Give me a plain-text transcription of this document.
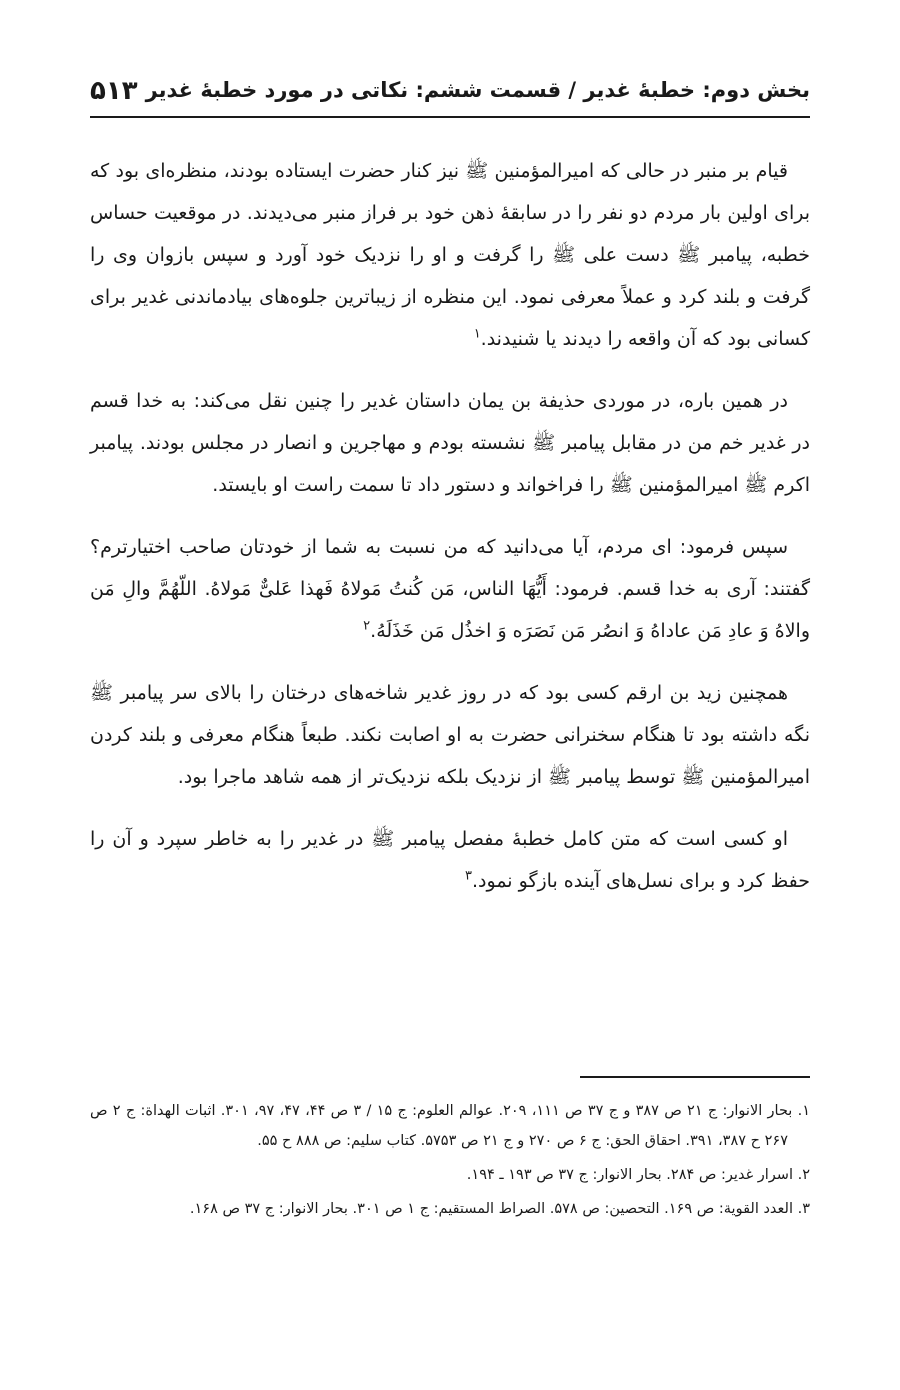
بخش دوم: خطبهٔ غدیر / قسمت ششم: نکاتی در مورد خطبهٔ غدیر
۵۱۳

قیام بر منبر در حالی که امیرالمؤمنین ﷺ نیز کنار حضرت ایستاده بودند، منظره‌ای بود که برای اولین بار مردم دو نفر را در سابقهٔ ذهن خود بر فراز منبر می‌دیدند. در موقعیت حساس خطبه، پیامبر ﷺ دست علی ﷺ را گرفت و او را نزدیک خود آورد و سپس بازوان وی را گرفت و بلند کرد و عملاً معرفی نمود. این منظره از زیباترین جلوه‌های بیادماندنی غدیر برای کسانی بود که آن واقعه را دیدند یا شنیدند.$^۱$

در همین باره، در موردی حذیفة بن یمان داستان غدیر را چنین نقل می‌کند: به خدا قسم در غدیر خم من در مقابل پیامبر ﷺ نشسته بودم و مهاجرین و انصار در مجلس بودند. پیامبر اکرم ﷺ امیرالمؤمنین ﷺ را فراخواند و دستور داد تا سمت راست او بایستد.

سپس فرمود: ای مردم، آیا می‌دانید که من نسبت به شما از خودتان صاحب اختیارترم؟ گفتند: آری به خدا قسم. فرمود: أَیُّهَا الناس، مَن کُنتُ مَولاهُ فَهذا عَلیٌّ مَولاهُ. اللّهُمَّ والِ مَن والاهُ وَ عادِ مَن عاداهُ وَ انصُر مَن نَصَرَه وَ اخذُل مَن خَذَلَهُ.$^۲$

همچنین زید بن ارقم کسی بود که در روز غدیر شاخه‌های درختان را بالای سر پیامبر ﷺ نگه داشته بود تا هنگام سخنرانی حضرت به او اصابت نکند. طبعاً هنگام معرفی و بلند کردن امیرالمؤمنین ﷺ توسط پیامبر ﷺ از نزدیک بلکه نزدیک‌تر از همه شاهد ماجرا بود.

او کسی است که متن کامل خطبهٔ مفصل پیامبر ﷺ در غدیر را به خاطر سپرد و آن را حفظ کرد و برای نسل‌های آینده بازگو نمود.$^۳$

۱. بحار الانوار: ج ۲۱ ص ۳۸۷ و ج ۳۷ ص ۱۱۱، ۲۰۹. عوالم العلوم: ج ۱۵ / ۳ ص ۴۴، ۴۷، ۹۷، ۳۰۱. اثبات الهداة: ج ۲ ص ۲۶۷ ح ۳۸۷، ۳۹۱. احقاق الحق: ج ۶ ص ۲۷۰ و ج ۲۱ ص ۵۷۵۳. کتاب سلیم: ص ۸۸۸ ح ۵۵.

۲. اسرار غدیر: ص ۲۸۴. بحار الانوار: ج ۳۷ ص ۱۹۳ ـ ۱۹۴.

۳. العدد القویة: ص ۱۶۹. التحصین: ص ۵۷۸. الصراط المستقیم: ج ۱ ص ۳۰۱. بحار الانوار: ج ۳۷ ص ۱۶۸.
